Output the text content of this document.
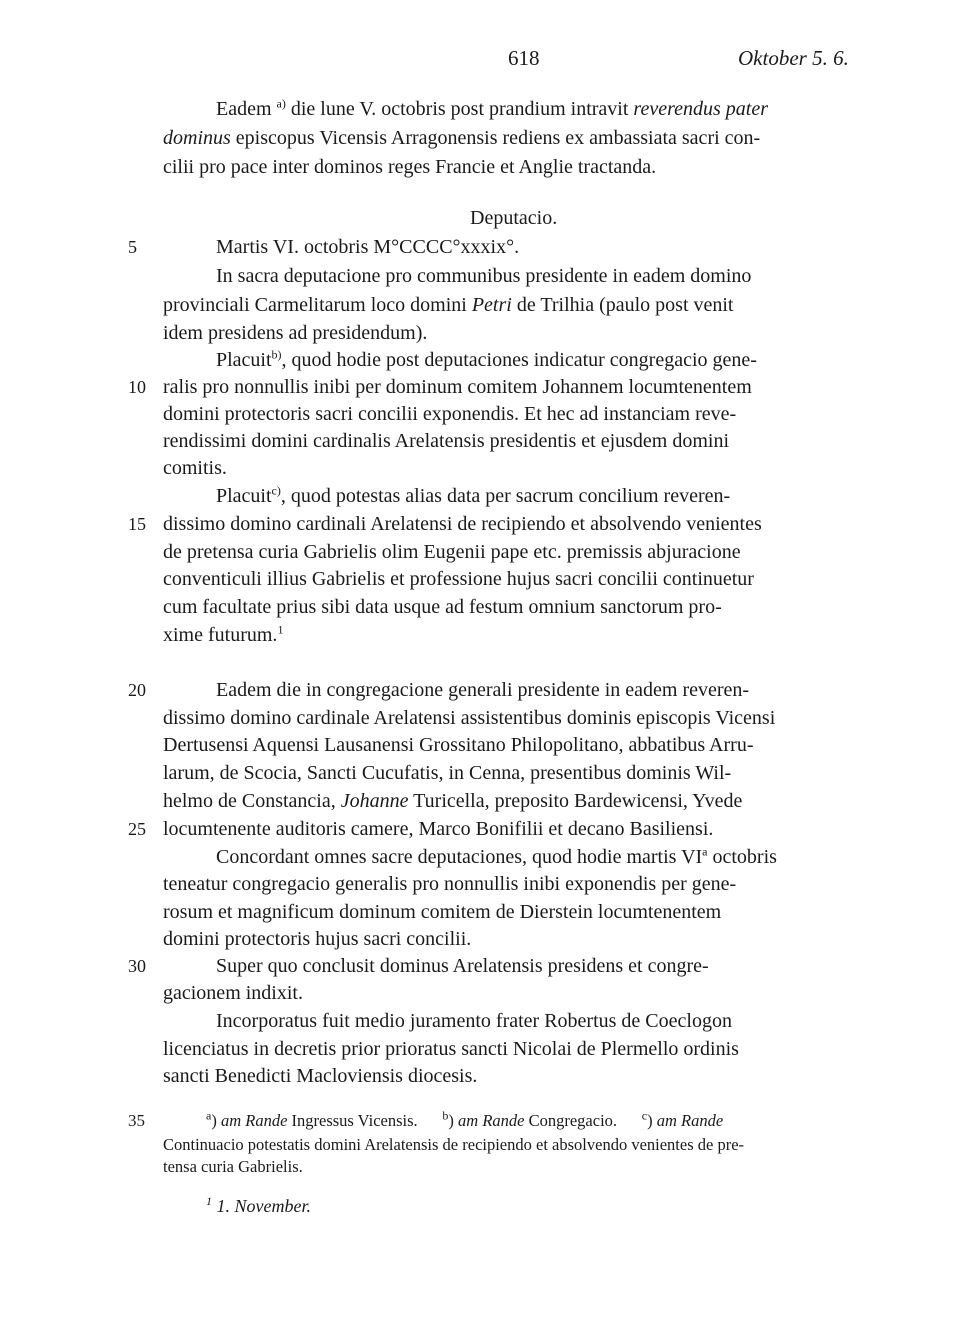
618	Oktober 5. 6.
Eadem $^{a)}$ die lune V. octobris post prandium intravit reverendus pater
dominus episcopus Vicensis Arragonensis rediens ex ambassiata sacri con-
cilii pro pace inter dominos reges Francie et Anglie tractanda.
Deputacio.
Martis VI. octobris M°CCCC°xxxix°.
In sacra deputacione pro communibus presidente in eadem domino
provinciali Carmelitarum loco domini Petri de Trilhia (paulo post venit
idem presidens ad presidendum).
Placuit$^{b)}$, quod hodie post deputaciones indicatur congregacio gene-
ralis pro nonnullis inibi per dominum comitem Johannem locumtenentem
domini protectoris sacri concilii exponendis. Et hec ad instanciam reve-
rendissimi domini cardinalis Arelatensis presidentis et ejusdem domini
comitis.
Placuit$^{c)}$, quod potestas alias data per sacrum concilium reveren-
dissimo domino cardinali Arelatensi de recipiendo et absolvendo venientes
de pretensa curia Gabrielis olim Eugenii pape etc. premissis abjuracione
conventiculi illius Gabrielis et professione hujus sacri concilii continuetur
cum facultate prius sibi data usque ad festum omnium sanctorum pro-
xime futurum.$^1$
Eadem die in congregacione generali presidente in eadem reveren-
dissimo domino cardinale Arelatensi assistentibus dominis episcopis Vicensi
Dertusensi Aquensi Lausanensi Grossitano Philopolitano, abbatibus Arru-
larum, de Scocia, Sancti Cucufatis, in Cenna, presentibus dominis Wil-
helmo de Constancia, Johanne Turicella, preposito Bardewicensi, Yvede
locumtenente auditoris camere, Marco Bonifilii et decano Basiliensi.
Concordant omnes sacre deputaciones, quod hodie martis $VI^a$ octobris
teneatur congregacio generalis pro nonnullis inibi exponendis per gene-
rosum et magnificum dominum comitem de Dierstein locumtenentem
domini protectoris hujus sacri concilii.
Super quo conclusit dominus Arelatensis presidens et congre-
gacionem indixit.
Incorporatus fuit medio juramento frater Robertus de Coeclogon
licenciatus in decretis prior prioratus sancti Nicolai de Plermello ordinis
sancti Benedicti Macloviensis diocesis.
5
10
15
20
25
30
35	$^a$) am Rande Ingressus Vicensis.      $^b$) am Rande Congregacio.      $^c$) am Rande
Continuacio potestatis domini Arelatensis de recipiendo et absolvendo venientes de pre-
tensa curia Gabrielis.
$^1$ 1. November.
